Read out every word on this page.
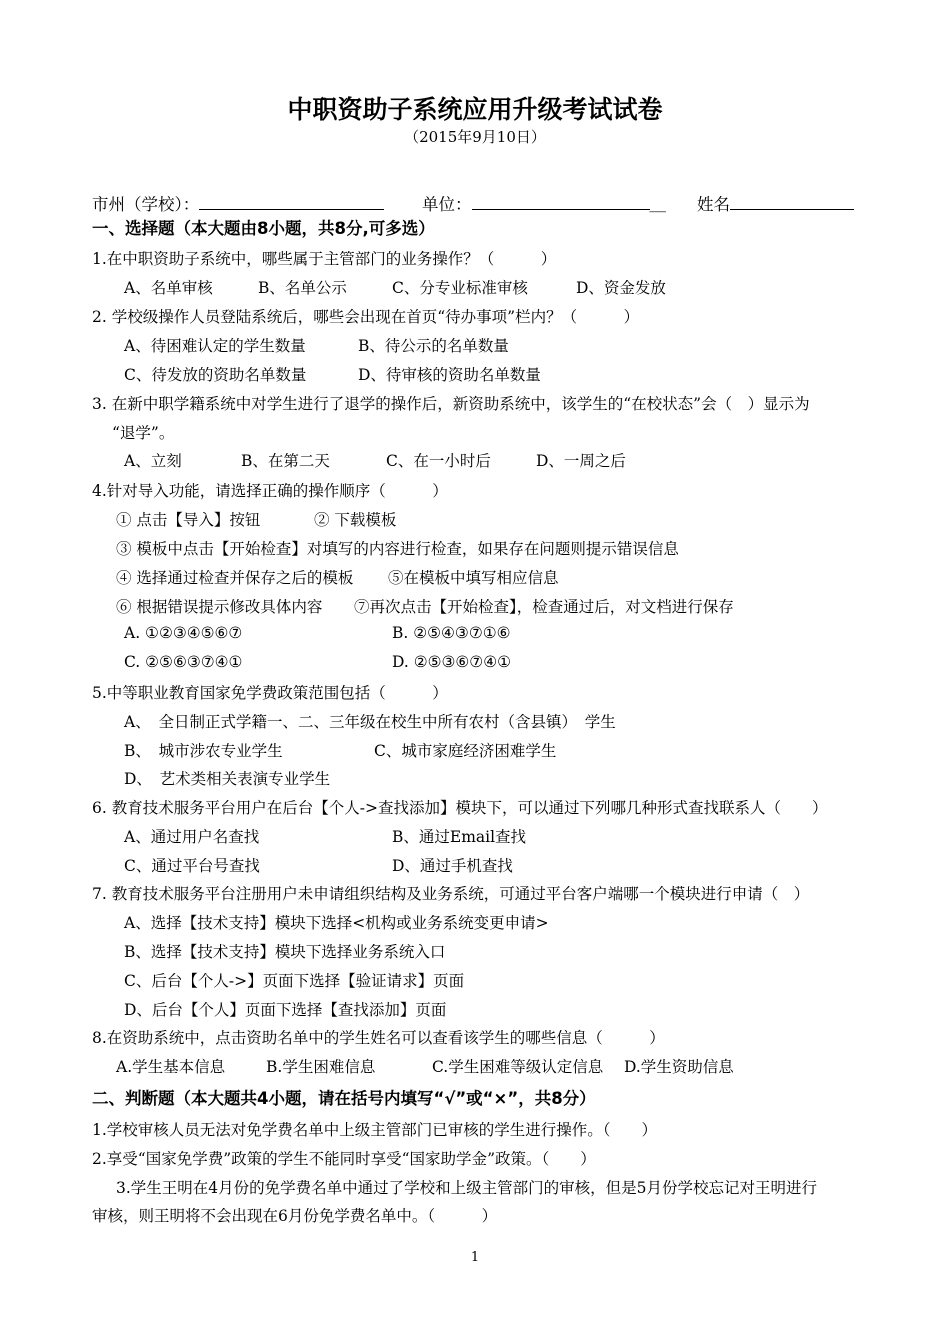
中职资助子系统应用升级考试试卷
（2015年9月10日）
市州（学校）：	单位：	＿ 姓名
一、选择题（本大题由8小题，共8分,可多选）
1.在中职资助子系统中，哪些属于主管部门的业务操作？（　　　）
A、名单审核	B、名单公示	C、分专业标准审核	D、资金发放
2. 学校级操作人员登陆系统后，哪些会出现在首页“待办事项”栏内？（　　　）
A、待困难认定的学生数量	B、待公示的名单数量
C、待发放的资助名单数量	D、待审核的资助名单数量
3. 在新中职学籍系统中对学生进行了退学的操作后，新资助系统中，该学生的“在校状态”会（　）显示为
“退学”。
A、立刻	B、在第二天	C、在一小时后	D、一周之后
4.针对导入功能，请选择正确的操作顺序（　　　）
① 点击【导入】按钮	② 下载模板
③ 模板中点击【开始检查】对填写的内容进行检查，如果存在问题则提示错误信息
④ 选择通过检查并保存之后的模板 ⑤在模板中填写相应信息
⑥ 根据错误提示修改具体内容 ⑦再次点击【开始检查】，检查通过后，对文档进行保存
A. ①②③④⑤⑥⑦	B. ②⑤④③⑦①⑥
C. ②⑤⑥③⑦④①	D. ②⑤③⑥⑦④①
5.中等职业教育国家免学费政策范围包括（　　　）
A、　全日制正式学籍一、二、三年级在校生中所有农村（含县镇）　学生
B、　城市涉农专业学生	C、城市家庭经济困难学生
D、　艺术类相关表演专业学生
6. 教育技术服务平台用户在后台【个人->查找添加】模块下，可以通过下列哪几种形式查找联系人（　　）
A、通过用户名查找	B、通过Email查找
C、通过平台号查找	D、通过手机查找
7. 教育技术服务平台注册用户未申请组织结构及业务系统，可通过平台客户端哪一个模块进行申请（　）
A、选择【技术支持】模块下选择<机构或业务系统变更申请>
B、选择【技术支持】模块下选择业务系统入口
C、后台【个人->】页面下选择【验证请求】页面
D、后台【个人】页面下选择【查找添加】页面
8.在资助系统中，点击资助名单中的学生姓名可以查看该学生的哪些信息（　　　）
A.学生基本信息	B.学生困难信息	C.学生困难等级认定信息 D.学生资助信息
二、判断题（本大题共4小题，请在括号内填写“√”或“×”，共8分）
1.学校审核人员无法对免学费名单中上级主管部门已审核的学生进行操作。（　　）
2.享受“国家免学费”政策的学生不能同时享受“国家助学金”政策。（　　）
3.学生王明在4月份的免学费名单中通过了学校和上级主管部门的审核，但是5月份学校忘记对王明进行
审核，则王明将不会出现在6月份免学费名单中。（　　　）
1
